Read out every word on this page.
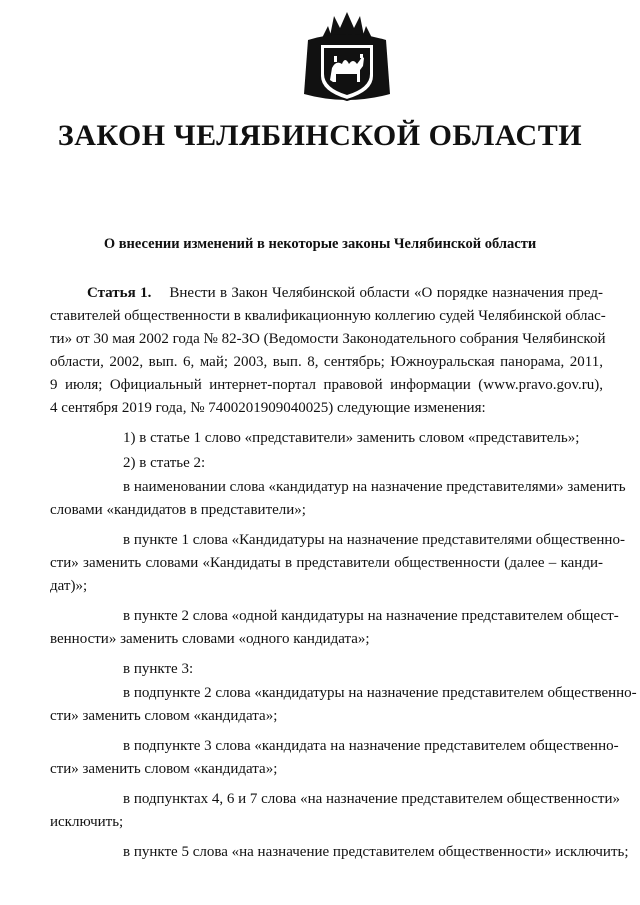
ЗАКОН ЧЕЛЯБИНСКОЙ ОБЛАСТИ
О внесении изменений в некоторые законы Челябинской области
Статья 1. Внести в Закон Челябинской области «О порядке назначения пред-
ставителей общественности в квалификационную коллегию судей Челябинской облас-
ти» от 30 мая 2002 года № 82-ЗО (Ведомости Законодательного собрания Челябинской
области, 2002, вып. 6, май; 2003, вып. 8, сентябрь; Южноуральская панорама, 2011,
9 июля; Официальный интернет-портал правовой информации (www.pravo.gov.ru),
4 сентября 2019 года, № 7400201909040025) следующие изменения:
1) в статье 1 слово «представители» заменить словом «представитель»;
2) в статье 2:
в наименовании слова «кандидатур на назначение представителями» заменить
словами «кандидатов в представители»;
в пункте 1 слова «Кандидатуры на назначение представителями общественно-
сти» заменить словами «Кандидаты в представители общественности (далее – канди-
дат)»;
в пункте 2 слова «одной кандидатуры на назначение представителем общест-
венности» заменить словами «одного кандидата»;
в пункте 3:
в подпункте 2 слова «кандидатуры на назначение представителем общественно-
сти» заменить словом «кандидата»;
в подпункте 3 слова «кандидата на назначение представителем общественно-
сти» заменить словом «кандидата»;
в подпунктах 4, 6 и 7 слова «на назначение представителем общественности»
исключить;
в пункте 5 слова «на назначение представителем общественности» исключить;
